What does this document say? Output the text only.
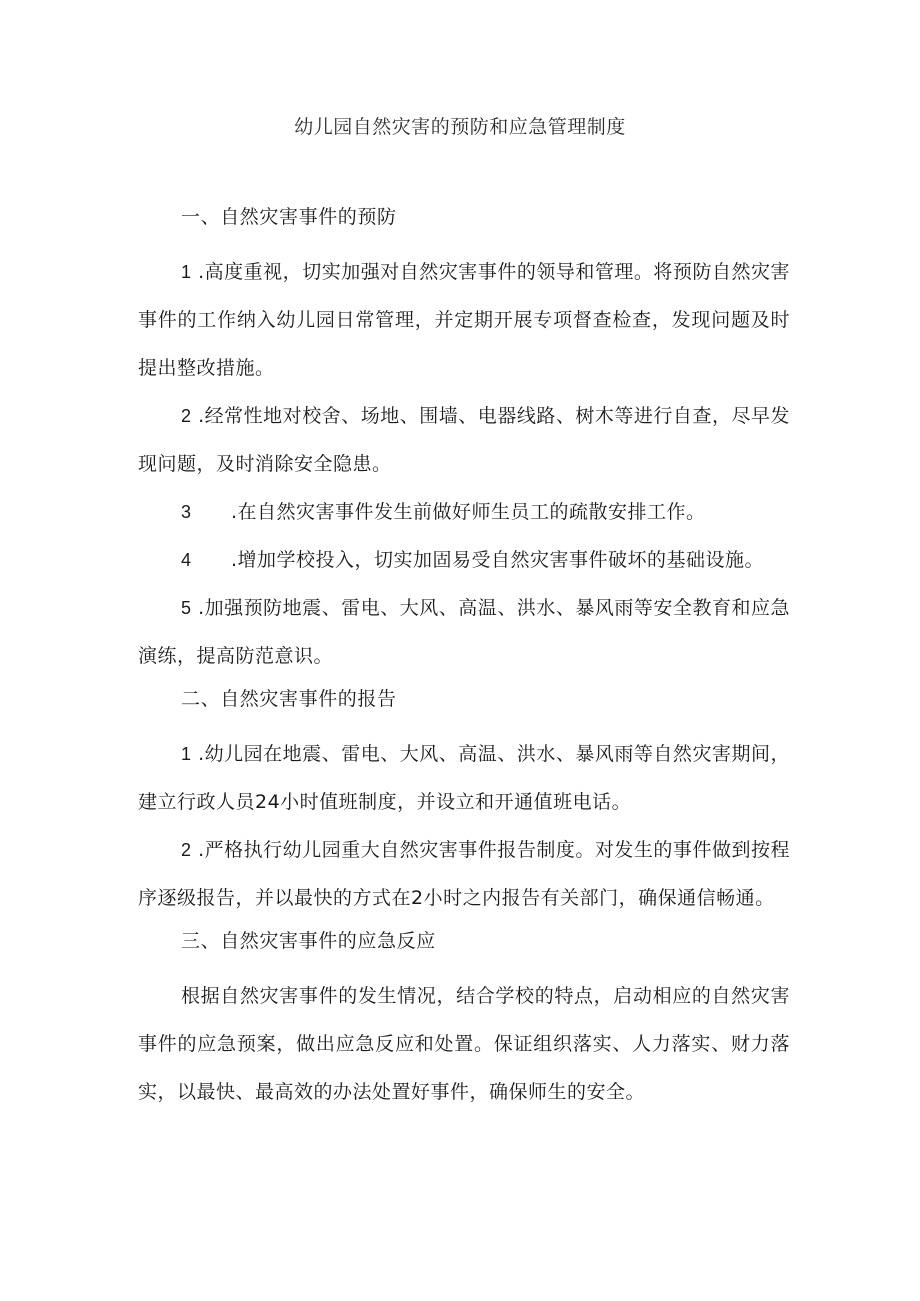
幼儿园自然灾害的预防和应急管理制度
一、自然灾害事件的预防

1 .高度重视，切实加强对自然灾害事件的领导和管理。将预防自然灾害事件的工作纳入幼儿园日常管理，并定期开展专项督查检查，发现问题及时提出整改措施。

2 .经常性地对校舍、场地、围墙、电器线路、树木等进行自查，尽早发现问题，及时消除安全隐患。

3 .在自然灾害事件发生前做好师生员工的疏散安排工作。

4 .增加学校投入，切实加固易受自然灾害事件破坏的基础设施。

5 .加强预防地震、雷电、大风、高温、洪水、暴风雨等安全教育和应急演练，提高防范意识。

二、自然灾害事件的报告

1 .幼儿园在地震、雷电、大风、高温、洪水、暴风雨等自然灾害期间，建立行政人员24小时值班制度，并设立和开通值班电话。

2 .严格执行幼儿园重大自然灾害事件报告制度。对发生的事件做到按程序逐级报告，并以最快的方式在2小时之内报告有关部门，确保通信畅通。

三、自然灾害事件的应急反应

根据自然灾害事件的发生情况，结合学校的特点，启动相应的自然灾害事件的应急预案，做出应急反应和处置。保证组织落实、人力落实、财力落实，以最快、最高效的办法处置好事件，确保师生的安全。
